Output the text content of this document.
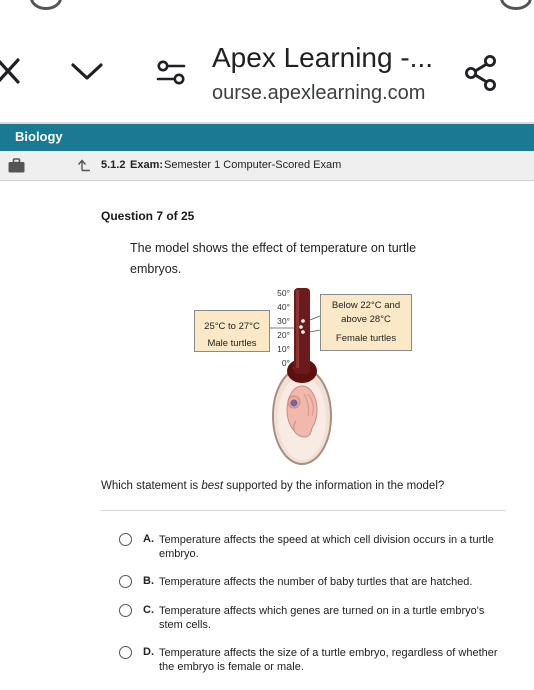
Apex Learning -...
ourse.apexlearning.com
Biology
5.1.2 Exam: Semester 1 Computer-Scored Exam
Question 7 of 25
The model shows the effect of temperature on turtle embryos.
50°
40°
30°
20°
10°
0°
25°C to 27°C
Male turtles
Below 22°C and
above 28°C
Female turtles
Which statement is best supported by the information in the model?
A. Temperature affects the speed at which cell division occurs in a turtle embryo.
B. Temperature affects the number of baby turtles that are hatched.
C. Temperature affects which genes are turned on in a turtle embryo's stem cells.
D. Temperature affects the size of a turtle embryo, regardless of whether the embryo is female or male.
